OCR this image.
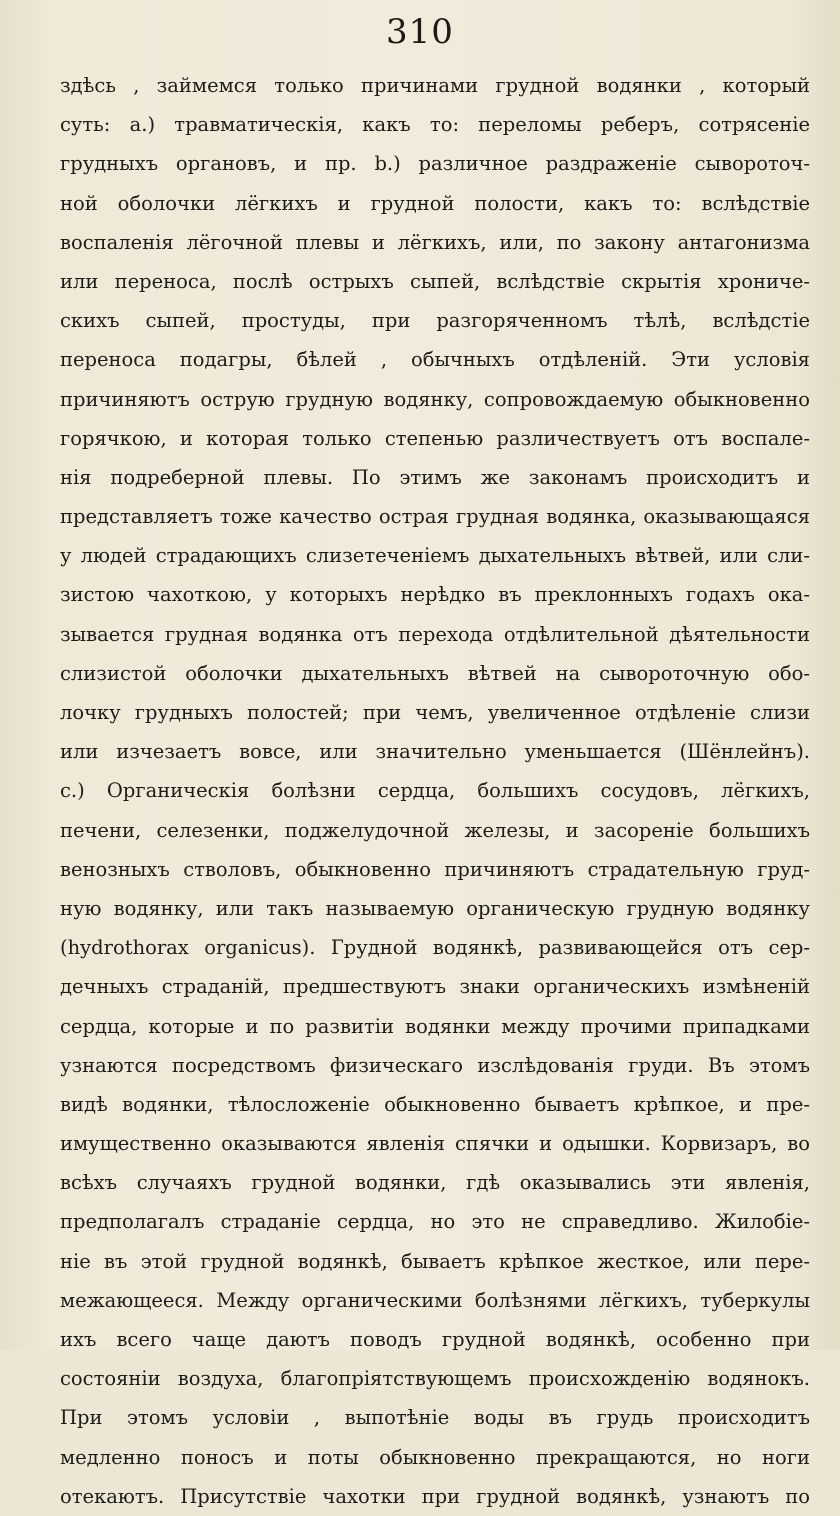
310
здѣсь , займемся только причинами грудной водянки , который
суть: а.) травматическія, какъ то: переломы реберъ, сотрясеніе
грудныхъ органовъ, и пр. b.) различное раздраженіе сывороточ-
ной оболочки лёгкихъ и грудной полости, какъ то: вслѣдствіе
воспаленія лёгочной плевы и лёгкихъ, или, по закону антагонизма
или переноса, послѣ острыхъ сыпей, вслѣдствіе скрытія хрониче-
скихъ сыпей, простуды, при разгоряченномъ тѣлѣ, вслѣдстіе
переноса подагры, бѣлей , обычныхъ отдѣленій. Эти условія
причиняютъ острую грудную водянку, сопровождаемую обыкновенно
горячкою, и которая только степенью различествуетъ отъ воспале-
нія подреберной плевы. По этимъ же законамъ происходитъ и
представляетъ тоже качество острая грудная водянка, оказывающаяся
у людей страдающихъ слизетеченіемъ дыхательныхъ вѣтвей, или сли-
зистою чахоткою, у которыхъ нерѣдко въ преклонныхъ годахъ ока-
зывается грудная водянка отъ перехода отдѣлительной дѣятельности
слизистой оболочки дыхательныхъ вѣтвей на сывороточную обо-
лочку грудныхъ полостей; при чемъ, увеличенное отдѣленіе слизи
или изчезаетъ вовсе, или значительно уменьшается (Шёнлейнъ).
с.) Органическія болѣзни сердца, большихъ сосудовъ, лёгкихъ,
печени, селезенки, поджелудочной железы, и засореніе большихъ
венозныхъ стволовъ, обыкновенно причиняютъ страдательную груд-
ную водянку, или такъ называемую органическую грудную водянку
(hydrothorax organicus). Грудной водянкѣ, развивающейся отъ сер-
дечныхъ страданій, предшествуютъ знаки органическихъ измѣненій
сердца, которые и по развитіи водянки между прочими припадками
узнаются посредствомъ физическаго изслѣдованія груди. Въ этомъ
видѣ водянки, тѣлосложеніе обыкновенно бываетъ крѣпкое, и пре-
имущественно оказываются явленія спячки и одышки. Корвизаръ, во
всѣхъ случаяхъ грудной водянки, гдѣ оказывались эти явленія,
предполагалъ страданіе сердца, но это не справедливо. Жилобіе-
ніе въ этой грудной водянкѣ, бываетъ крѣпкое жесткое, или пере-
межающееся. Между органическими болѣзнями лёгкихъ, туберкулы
ихъ всего чаще даютъ поводъ грудной водянкѣ, особенно при
состояніи воздуха, благопріятствующемъ происхожденію водянокъ.
При этомъ условіи , выпотѣніе воды въ грудь происходитъ
медленно поносъ и поты обыкновенно прекращаются, но ноги
отекаютъ. Присутствіе чахотки при грудной водянкѣ, узнаютъ по
